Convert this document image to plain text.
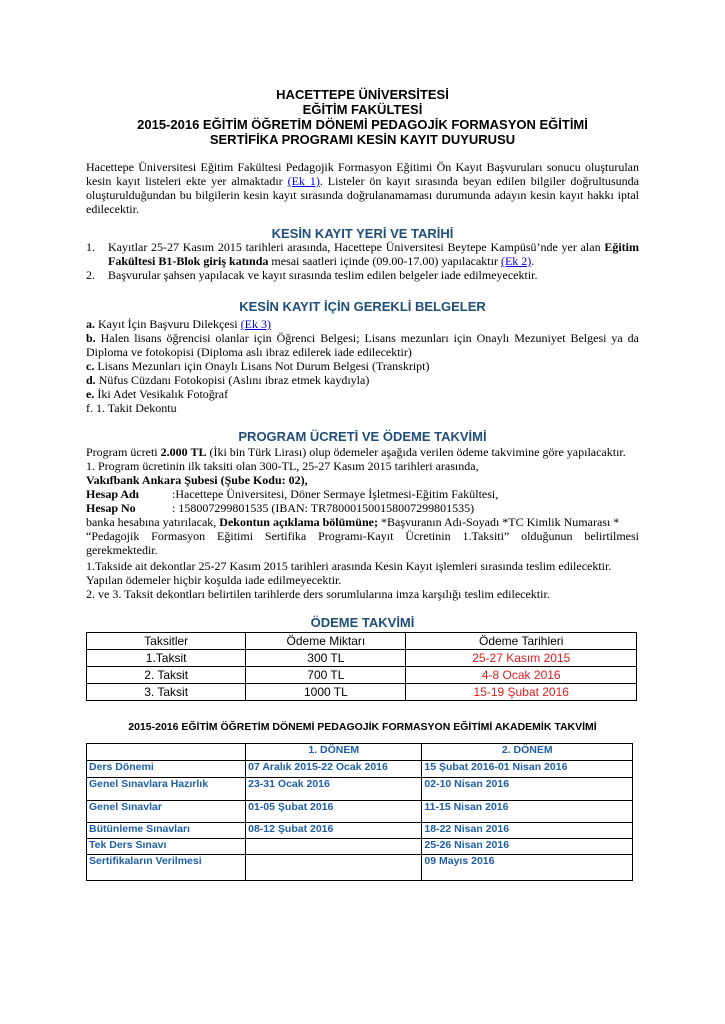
HACETTEPE ÜNİVERSİTESİ
EĞİTİM FAKÜLTESİ
2015-2016 EĞİTİM ÖĞRETİM DÖNEMİ PEDAGOJİK FORMASYON EĞİTİMİ
SERTİFİKA PROGRAMI KESİN KAYIT DUYURUSU
Hacettepe Üniversitesi Eğitim Fakültesi Pedagojik Formasyon Eğitimi Ön Kayıt Başvuruları sonucu oluşturulan kesin kayıt listeleri ekte yer almaktadır (Ek 1). Listeler ön kayıt sırasında beyan edilen bilgiler doğrultusunda oluşturulduğundan bu bilgilerin kesin kayıt sırasında doğrulanamaması durumunda adayın kesin kayıt hakkı iptal edilecektir.
KESİN KAYIT YERİ VE TARİHİ
1. Kayıtlar 25-27 Kasım 2015 tarihleri arasında, Hacettepe Üniversitesi Beytepe Kampüsü’nde yer alan Eğitim Fakültesi B1-Blok giriş katında mesai saatleri içinde (09.00-17.00) yapılacaktır (Ek 2).
2. Başvurular şahsen yapılacak ve kayıt sırasında teslim edilen belgeler iade edilmeyecektir.
KESİN KAYIT İÇİN GEREKLİ BELGELER
a. Kayıt İçin Başvuru Dilekçesi (Ek 3)
b. Halen lisans öğrencisi olanlar için Öğrenci Belgesi; Lisans mezunları için Onaylı Mezuniyet Belgesi ya da Diploma ve fotokopisi (Diploma aslı ibraz edilerek iade edilecektir)
c. Lisans Mezunları için Onaylı Lisans Not Durum Belgesi (Transkript)
d. Nüfus Cüzdanı Fotokopisi (Aslını ibraz etmek kaydıyla)
e. İki Adet Vesikalık Fotoğraf
f. 1. Takit Dekontu
PROGRAM ÜCRETİ VE ÖDEME TAKVİMİ
Program ücreti 2.000 TL (İki bin Türk Lirası) olup ödemeler aşağıda verilen ödeme takvimine göre yapılacaktır.
1. Program ücretinin ilk taksiti olan 300-TL, 25-27 Kasım 2015 tarihleri arasında,
Vakıfbank Ankara Şubesi (Şube Kodu: 02),
Hesap Adı	:Hacettepe Üniversitesi, Döner Sermaye İşletmesi-Eğitim Fakültesi,
Hesap No	: 158007299801535 (IBAN: TR780001500158007299801535)
banka hesabına yatırılacak, Dekontun açıklama bölümüne; *Başvuranın Adı-Soyadı *TC Kimlik Numarası *
“Pedagojik Formasyon Eğitimi Sertifika Programı-Kayıt Ücretinin 1.Taksiti” olduğunun belirtilmesi
gerekmektedir.
1.Takside ait dekontlar 25-27 Kasım 2015 tarihleri arasında Kesin Kayıt işlemleri sırasında teslim edilecektir.
Yapılan ödemeler hiçbir koşulda iade edilmeyecektir.
2. ve 3. Taksit dekontları belirtilen tarihlerde ders sorumlularına imza karşılığı teslim edilecektir.
ÖDEME TAKVİMİ
Taksitler	Ödeme Miktarı	Ödeme Tarihleri
1.Taksit	300 TL	25-27 Kasım 2015
2. Taksit	700 TL	4-8 Ocak 2016
3. Taksit	1000 TL	15-19 Şubat 2016
2015-2016 EĞİTİM ÖĞRETİM DÖNEMİ PEDAGOJİK FORMASYON EĞİTİMİ AKADEMİK TAKVİMİ
	1. DÖNEM	2. DÖNEM
Ders Dönemi	07 Aralık 2015-22 Ocak 2016	15 Şubat 2016-01 Nisan 2016
Genel Sınavlara Hazırlık	23-31 Ocak 2016	02-10 Nisan 2016
Genel Sınavlar	01-05 Şubat 2016	11-15 Nisan 2016
Bütünleme Sınavları	08-12 Şubat 2016	18-22 Nisan 2016
Tek Ders Sınavı		25-26 Nisan 2016
Sertifikaların Verilmesi		09 Mayıs 2016
